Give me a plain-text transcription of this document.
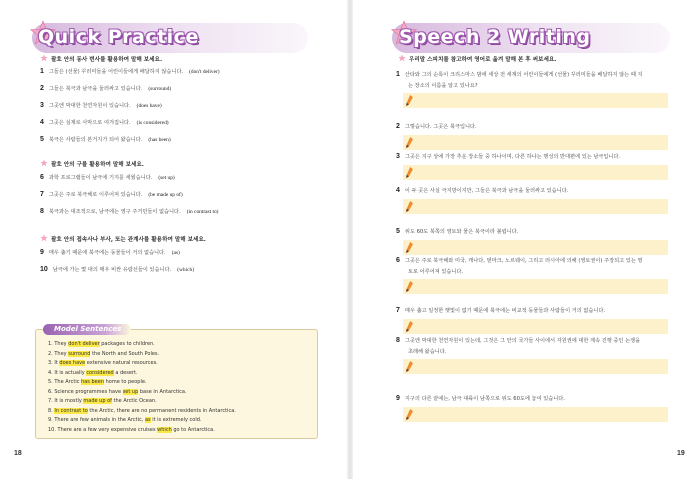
Quick Practice
괄호 안의 동사 번사를 활용하여 말해 보세요.
1 그들은 (선물) 꾸러미들을 어린이들에게 배달하지 않습니다. (don't deliver)
2 그들은 북극과 남극을 둘러싸고 있습니다. (surround)
3 그곳엔 막대한 천연자원이 있습니다. (does have)
4 그곳은 실제로 사막으로 여겨집니다. (is considered)
5 북극은 사람들의 본거지가 되어 왔습니다. (has been)
괄호 안의 구를 활용하여 말해 보세요.
6 과학 프로그램들이 남극에 기지를 세웠습니다. (set up)
7 그곳은 주로 북극해로 이루어져 있습니다. (be made up of)
8 북극과는 대조적으로, 남극에는 영구 주거민들이 없습니다. (in contrast to)
괄호 안의 접속사나 부사, 또는 관계사를 활용하여 말해 보세요.
9 매우 춥기 때문에 북극에는 동물들이 거의 없습니다. (as)
10 남극에 가는 몇 대의 매우 비싼 유람선들이 있습니다. (which)
Model Sentences
1. They don't deliver packages to children.
2. They surround the North and South Poles.
3. It does have extensive natural resources.
4. It is actually considered a desert.
5. The Arctic has been home to people.
6. Science programmes have set up base in Antarctica.
7. It is mostly made up of the Arctic Ocean.
8. In contrast to the Arctic, there are no permanent residents in Antarctica.
9. There are few animals in the Arctic, as it is extremely cold.
10. There are a few very expensive cruises which go to Antarctica.
18
Speech 2 Writing
우리말 스피치를 참고하여 영어로 옮겨 말해 본 후 써보세요.
1 산타와 그의 순록이 크리스마스 밤에 세상 전 세계의 어린이들에게 (선물) 꾸러미들을 배달하지 않는 때 지
는 장소의 이름을 알고 있나요?
2 그렇습니다. 그곳은 북극입니다.
3 그곳은 지구 상에 가장 추운 장소들 중 하나이며, 다른 하나는 행성의 반대편에 있는 남극입니다.
4 이 두 곳은 사실 극지방이지만, 그들은 북극과 남극을 둘러싸고 있습니다.
5 위도 60도 북쪽의 영토와 물은 북극이라 불립니다.
6 그곳은 주로 북극해와 미국, 캐나다, 덴마크, 노르웨이, 그리고 러시아에 의해 (영토권이) 주장되고 있는 영
토로 이루어져 있습니다.
7 매우 춥고 일정한 햇빛이 없기 때문에 북극에는 비교적 동물들과 사람들이 거의 없습니다.
8 그곳엔 막대한 천연자원이 있는데, 그것은 그 안의 국가들 사이에서 자원권에 대한 계속 진행 중인 논쟁을
초래해 왔습니다.
9 지구의 다른 끝에는, 남극 대륙이 남쪽으로 위도 60도에 놓여 있습니다.
19
